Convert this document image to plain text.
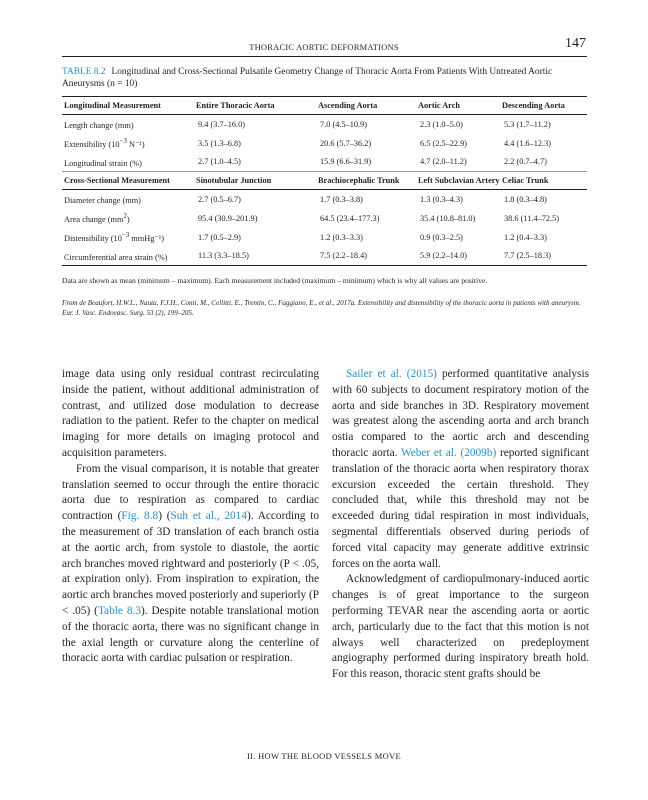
THORACIC AORTIC DEFORMATIONS	147
TABLE 8.2 Longitudinal and Cross-Sectional Pulsatile Geometry Change of Thoracic Aorta From Patients With Untreated Aortic Aneurysms (n = 10)
Longitudinal Measurement	Entire Thoracic Aorta	Ascending Aorta	Aortic Arch	Descending Aorta
Length change (mm)	9.4 (3.7–16.0)	7.0 (4.5–10.9)	2.3 (1.0–5.0)	5.3 (1.7–11.2)
Extensibility ($10^{-3}$ N⁻¹)	3.5 (1.3–6.8)	20.6 (5.7–36.2)	6.5 (2.5–22.9)	4.4 (1.6–12.3)
Longitudinal strain (%)	2.7 (1.0–4.5)	15.9 (6.6–31.9)	4.7 (2.0–11.2)	2.2 (0.7–4.7)
Cross-Sectional Measurement	Sinotubular Junction	Brachiocephalic Trunk	Left Subclavian Artery	Celiac Trunk
Diameter change (mm)	2.7 (0.5–6.7)	1.7 (0.3–3.8)	1.3 (0.3–4.3)	1.8 (0.3–4.8)
Area change $(mm^2)$	95.4 (30.9–201.9)	64.5 (23.4–177.3)	35.4 (10.8–81.0)	38.6 (11.4–72.5)
Distensibility ($10^{-3}$ mmHg⁻¹)	1.7 (0.5–2.9)	1.2 (0.3–3.3)	0.9 (0.3–2.5)	1.2 (0.4–3.3)
Circumferential area strain (%)	11.3 (3.3–18.5)	7.5 (2.2–18.4)	5.9 (2.2–14.0)	7.7 (2.5–18.3)
Data are shown as mean (minimum – maximum). Each measurement included (maximum – minimum) which is why all values are positive.
From de Beaufort, H.W.L., Nauta, F.J.H., Conti, M., Cellitti, E., Trentin, C., Faggiano, E., et al., 2017a. Extensibility and distensibility of the thoracic aorta in patients with aneurysm. Eur. J. Vasc. Endovasc. Surg. 53 (2), 199–205.

image data using only residual contrast recirculating inside the patient, without additional administration of contrast, and utilized dose modulation to decrease radiation to the patient. Refer to the chapter on medical imaging for more details on imaging protocol and acquisition parameters.

From the visual comparison, it is notable that greater translation seemed to occur through the entire thoracic aorta due to respiration as compared to cardiac contraction (Fig. 8.8) (Suh et al., 2014). According to the measurement of 3D translation of each branch ostia at the aortic arch, from systole to diastole, the aortic arch branches moved rightward and posteriorly (P < .05, at expiration only). From inspiration to expiration, the aortic arch branches moved posteriorly and superiorly (P < .05) (Table 8.3). Despite notable translational motion of the thoracic aorta, there was no significant change in the axial length or curvature along the centerline of thoracic aorta with cardiac pulsation or respiration.

Sailer et al. (2015) performed quantitative analysis with 60 subjects to document respiratory motion of the aorta and side branches in 3D. Respiratory movement was greatest along the ascending aorta and arch branch ostia compared to the aortic arch and descending thoracic aorta. Weber et al. (2009b) reported significant translation of the thoracic aorta when respiratory thorax excursion exceeded the certain threshold. They concluded that, while this threshold may not be exceeded during tidal respiration in most individuals, segmental differentials observed during periods of forced vital capacity may generate additive extrinsic forces on the aorta wall.

Acknowledgment of cardiopulmonary-induced aortic changes is of great importance to the surgeon performing TEVAR near the ascending aorta or aortic arch, particularly due to the fact that this motion is not always well characterized on predeployment angiography performed during inspiratory breath hold. For this reason, thoracic stent grafts should be

II. HOW THE BLOOD VESSELS MOVE
